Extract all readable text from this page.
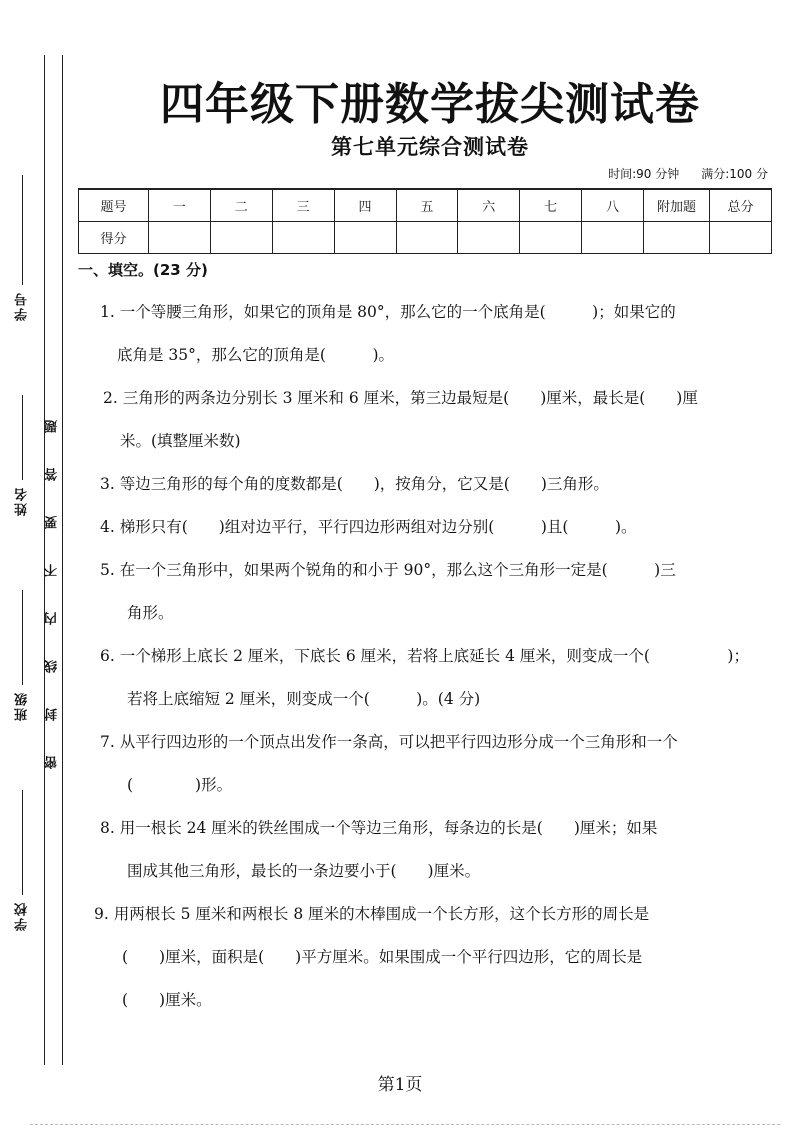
学号
姓名
班级
学校
题
答
要
不
内
线
封
密
四年级下册数学拔尖测试卷
第七单元综合测试卷
时间:90 分钟 满分:100 分
题号	一	二	三	四	五	六	七	八	附加题	总分
得分										
一、填空。(23 分)
1. 一个等腰三角形，如果它的顶角是 80°，那么它的一个底角是(　　　)；如果它的
底角是 35°，那么它的顶角是(　　　)。
2. 三角形的两条边分别长 3 厘米和 6 厘米，第三边最短是(　　)厘米，最长是(　　)厘
米。(填整厘米数)
3. 等边三角形的每个角的度数都是(　　)，按角分，它又是(　　)三角形。
4. 梯形只有(　　)组对边平行，平行四边形两组对边分别(　　　)且(　　　)。
5. 在一个三角形中，如果两个锐角的和小于 90°，那么这个三角形一定是(　　　)三
角形。
6. 一个梯形上底长 2 厘米，下底长 6 厘米，若将上底延长 4 厘米，则变成一个(　　　　　)；
若将上底缩短 2 厘米，则变成一个(　　　)。(4 分)
7. 从平行四边形的一个顶点出发作一条高，可以把平行四边形分成一个三角形和一个
(　　　　)形。
8. 用一根长 24 厘米的铁丝围成一个等边三角形，每条边的长是(　　)厘米；如果
围成其他三角形，最长的一条边要小于(　　)厘米。
9. 用两根长 5 厘米和两根长 8 厘米的木棒围成一个长方形，这个长方形的周长是
(　　)厘米，面积是(　　)平方厘米。如果围成一个平行四边形，它的周长是
(　　)厘米。
第1页
